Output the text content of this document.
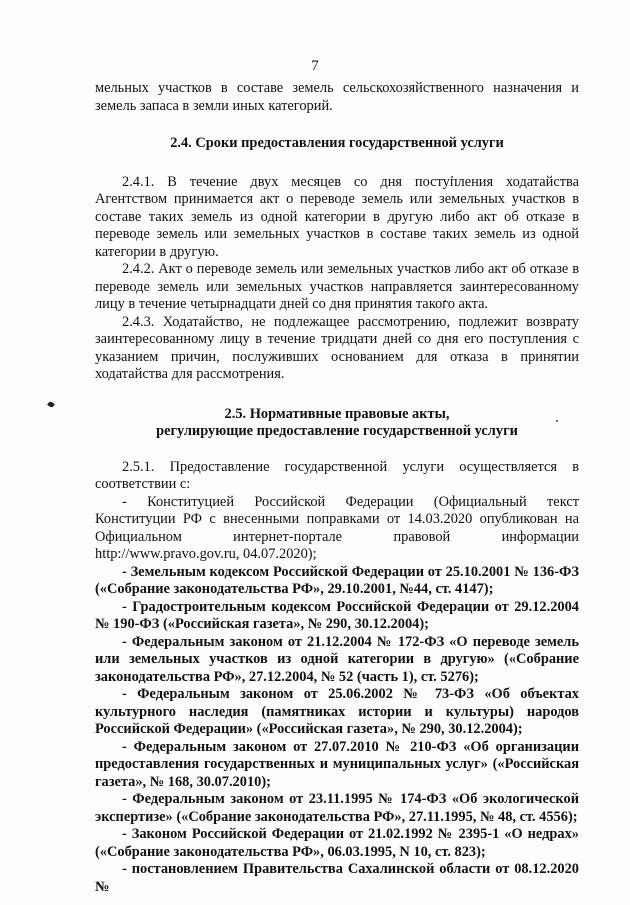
7

мельных участков в составе земель сельскохозяйственного назначения и земель запаса в земли иных категорий.

2.4. Сроки предоставления государственной услуги

2.4.1. В течение двух месяцев со дня поступления ходатайства Агентством принимается акт о переводе земель или земельных участков в составе таких земель из одной категории в другую либо акт об отказе в переводе земель или земельных участков в составе таких земель из одной категории в другую.

2.4.2. Акт о переводе земель или земельных участков либо акт об отказе в переводе земель или земельных участков направляется заинтересованному лицу в течение четырнадцати дней со дня принятия такого акта.

2.4.3. Ходатайство, не подлежащее рассмотрению, подлежит возврату заинтересованному лицу в течение тридцати дней со дня его поступления с указанием причин, послуживших основанием для отказа в принятии ходатайства для рассмотрения.

2.5. Нормативные правовые акты,
регулирующие предоставление государственной услуги

2.5.1. Предоставление государственной услуги осуществляется в соответствии с:

- Конституцией Российской Федерации (Официальный текст Конституции РФ с внесенными поправками от 14.03.2020 опубликован на Официальном интернет-портале правовой информации http://www.pravo.gov.ru, 04.07.2020);

- Земельным кодексом Российской Федерации от 25.10.2001 № 136-ФЗ («Собрание законодательства РФ», 29.10.2001, №44, ст. 4147);

- Градостроительным кодексом Российской Федерации от 29.12.2004 № 190-ФЗ («Российская газета», № 290, 30.12.2004);

- Федеральным законом от 21.12.2004 № 172-ФЗ «О переводе земель или земельных участков из одной категории в другую» («Собрание законодательства РФ», 27.12.2004, № 52 (часть 1), ст. 5276);

- Федеральным законом от 25.06.2002 № 73-ФЗ «Об объектах культурного наследия (памятниках истории и культуры) народов Российской Федерации» («Российская газета», № 290, 30.12.2004);

- Федеральным законом от 27.07.2010 № 210-ФЗ «Об организации предоставления государственных и муниципальных услуг» («Российская газета», № 168, 30.07.2010);

- Федеральным законом от 23.11.1995 № 174-ФЗ «Об экологической экспертизе» («Собрание законодательства РФ», 27.11.1995, № 48, ст. 4556);

- Законом Российской Федерации от 21.02.1992 № 2395-1 «О недрах» («Собрание законодательства РФ», 06.03.1995, N 10, ст. 823);

- постановлением Правительства Сахалинской области от 08.12.2020 №
